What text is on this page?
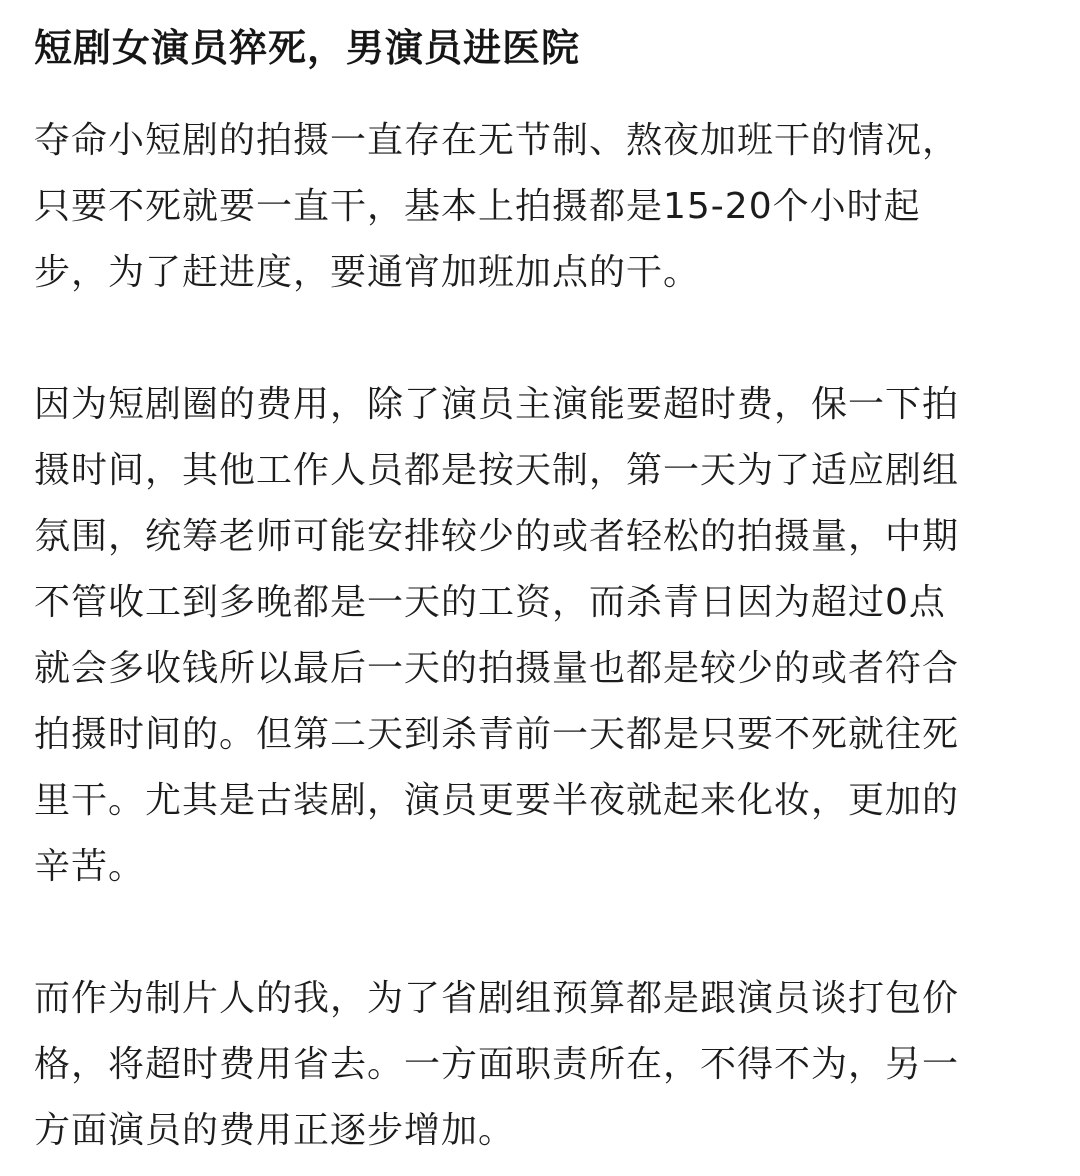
短剧女演员猝死，男演员进医院

夺命小短剧的拍摄一直存在无节制、熬夜加班干的情况，
只要不死就要一直干，基本上拍摄都是15-20个小时起
步，为了赶进度，要通宵加班加点的干。

因为短剧圈的费用，除了演员主演能要超时费，保一下拍
摄时间，其他工作人员都是按天制，第一天为了适应剧组
氛围，统筹老师可能安排较少的或者轻松的拍摄量，中期
不管收工到多晚都是一天的工资，而杀青日因为超过0点
就会多收钱所以最后一天的拍摄量也都是较少的或者符合
拍摄时间的。但第二天到杀青前一天都是只要不死就往死
里干。尤其是古装剧，演员更要半夜就起来化妆，更加的
辛苦。

而作为制片人的我，为了省剧组预算都是跟演员谈打包价
格，将超时费用省去。一方面职责所在，不得不为，另一
方面演员的费用正逐步增加。
